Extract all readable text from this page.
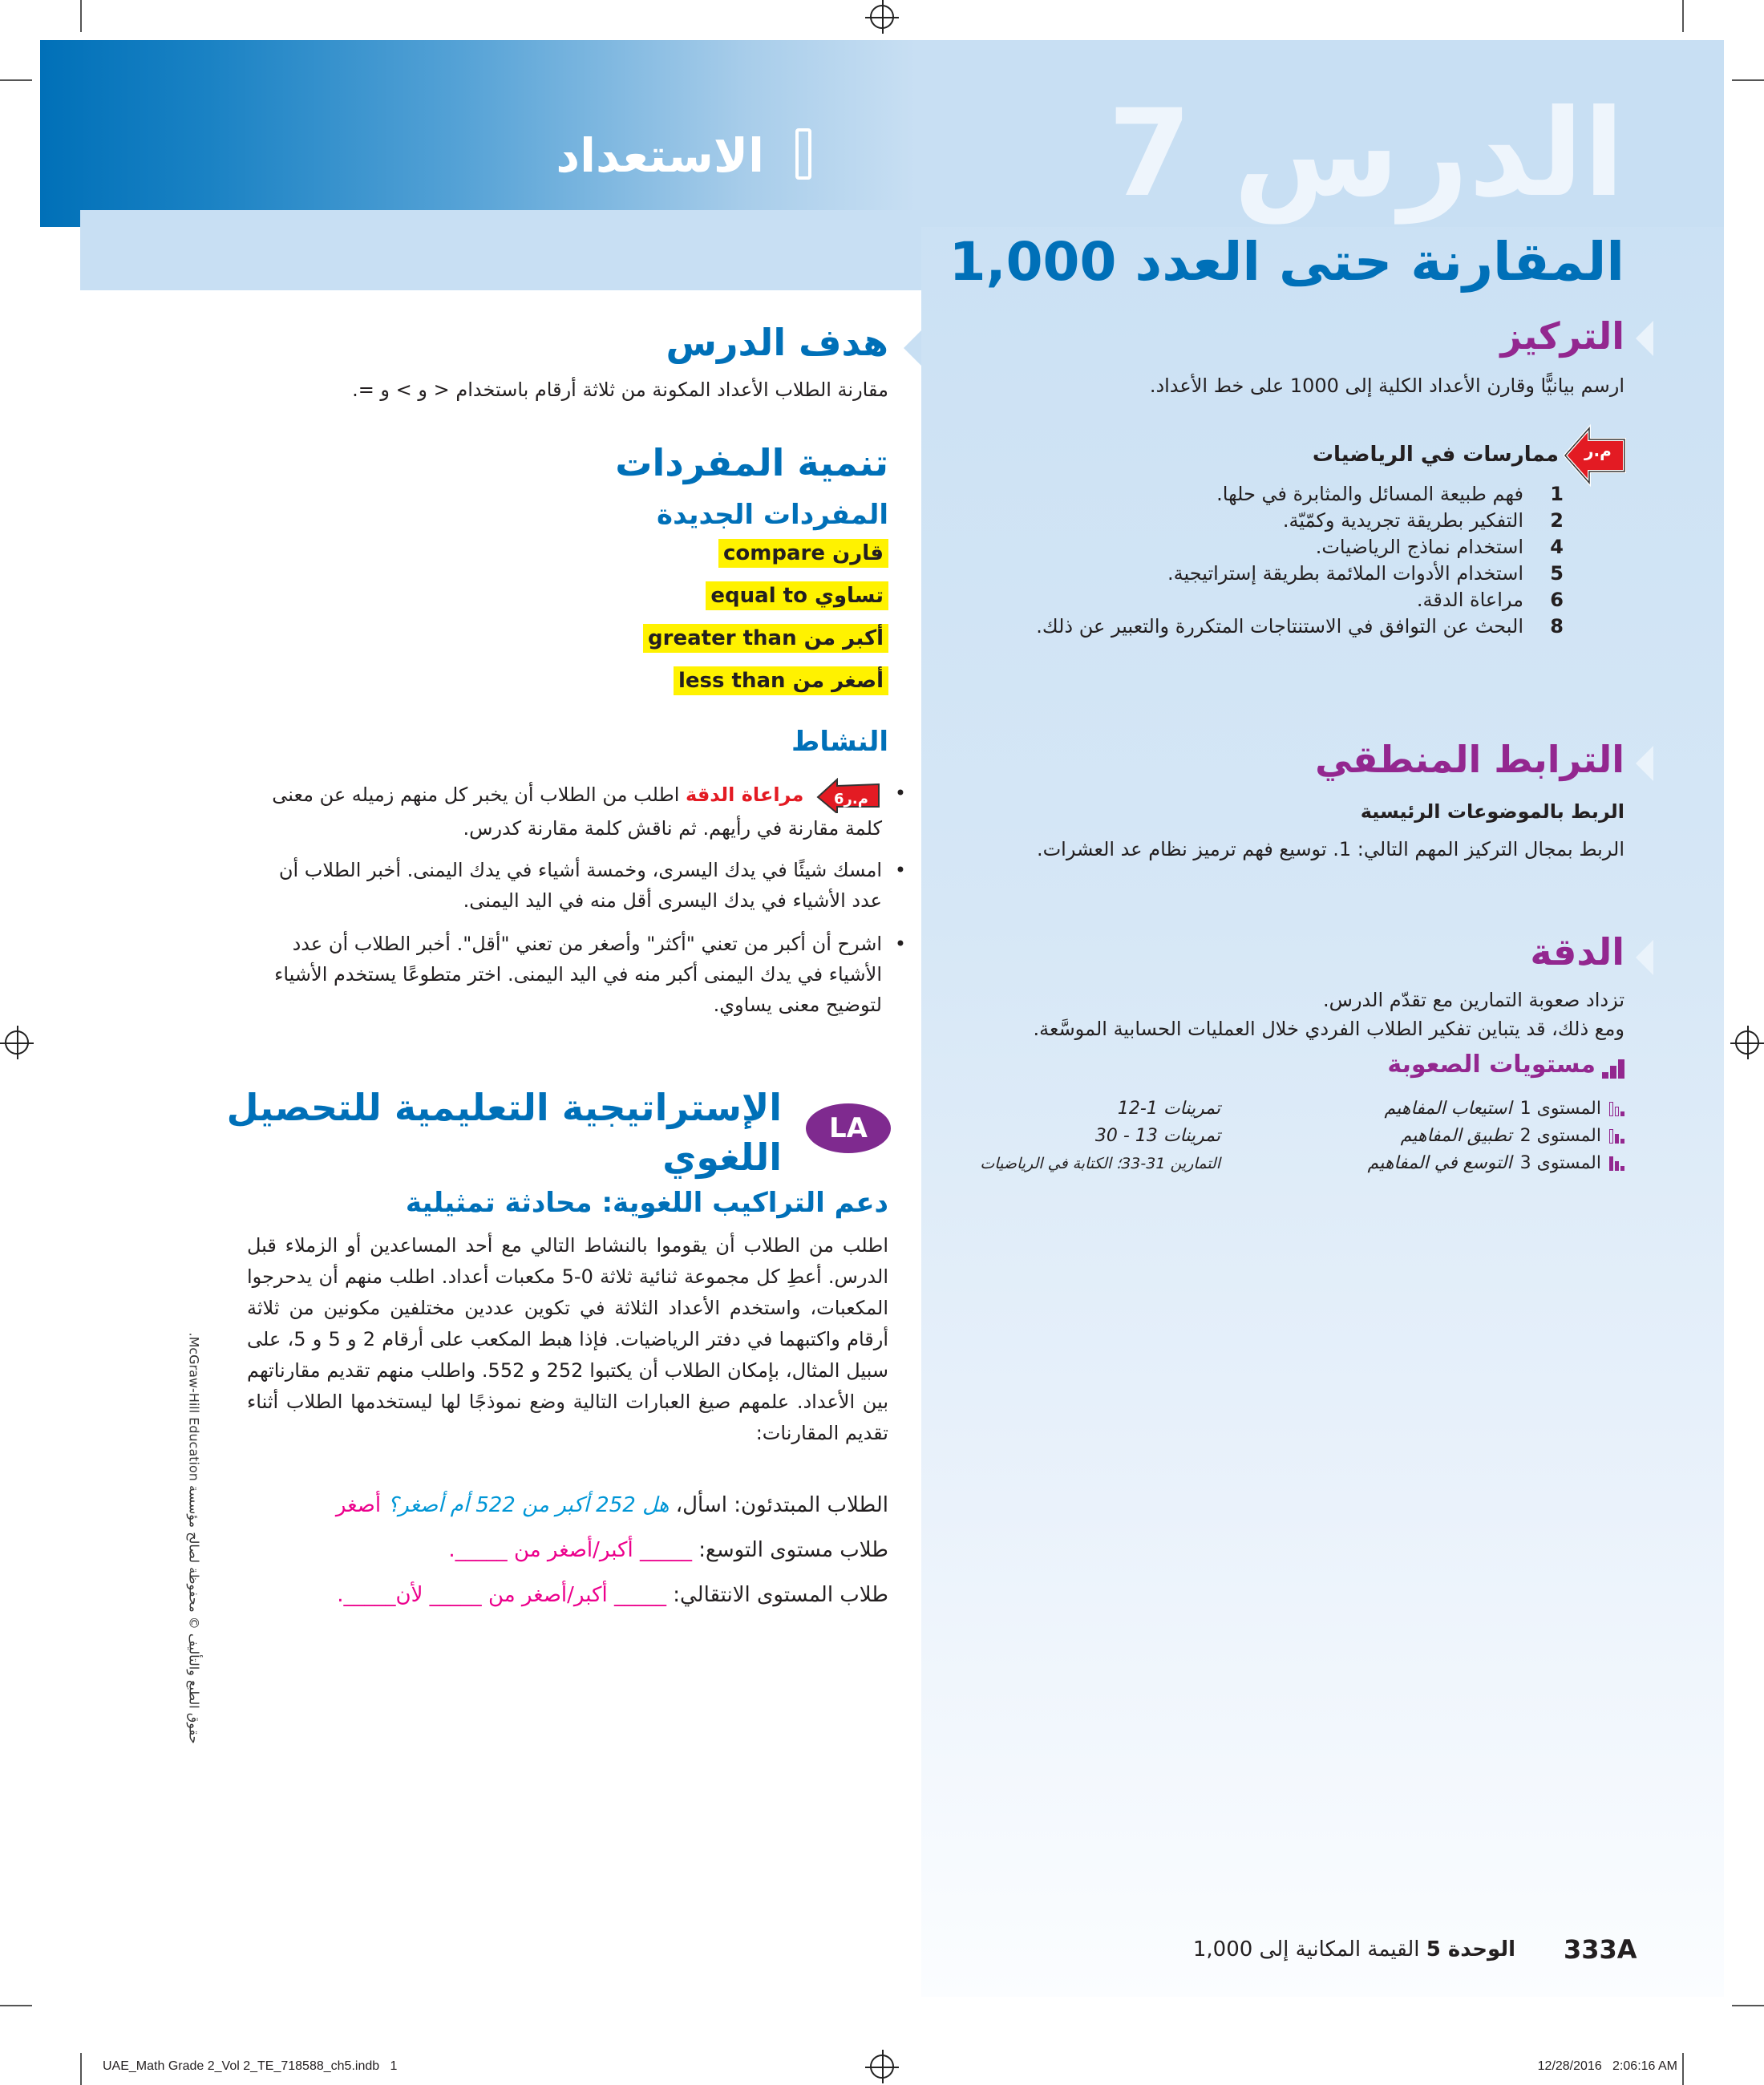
الاستعداد	الدرس 7
المقارنة حتى العدد 1,000
التركيز
ارسم بيانيًّا وقارن الأعداد الكلية إلى 1000 على خط الأعداد.
م.ر
ممارسات في الرياضيات
1فهم طبيعة المسائل والمثابرة في حلها.
2التفكير بطريقة تجريدية وكمّيّة.
4استخدام نماذج الرياضيات.
5استخدام الأدوات الملائمة بطريقة إستراتيجية.
6مراعاة الدقة.
8البحث عن التوافق في الاستنتاجات المتكررة والتعبير عن ذلك.
الترابط المنطقي
الربط بالموضوعات الرئيسية
الربط بمجال التركيز المهم التالي: 1. توسيع فهم ترميز نظام عد العشرات.
الدقة
تزداد صعوبة التمارين مع تقدّم الدرس.
ومع ذلك، قد يتباين تفكير الطلاب الفردي خلال العمليات الحسابية الموسَّعة.
مستويات الصعوبة
المستوى 1
استيعاب المفاهيم
تمرينات 1-12
المستوى 2
تطبيق المفاهيم
تمرينات 13 - 30
المستوى 3
التوسع في المفاهيم
التمارين 31-33؛ الكتابة في الرياضيات
هدف الدرس
مقارنة الطلاب الأعداد المكونة من ثلاثة أرقام باستخدام < و > و =.
تنمية المفردات
المفردات الجديدة
قارن compare
تساوي equal to
أكبر من greater than
أصغر من less than
النشاط
• م.ر6
مراعاة الدقة اطلب من الطلاب أن يخبر كل منهم زميله عن معنى كلمة مقارنة في رأيهم. ثم ناقش كلمة مقارنة كدرس.
• امسك شيئًا في يدك اليسرى، وخمسة أشياء في يدك اليمنى. أخبر الطلاب أن عدد الأشياء في يدك اليسرى أقل منه في اليد اليمنى.
• اشرح أن أكبر من تعني "أكثر" وأصغر من تعني "أقل". أخبر الطلاب أن عدد الأشياء في يدك اليمنى أكبر منه في اليد اليمنى. اختر متطوعًا يستخدم الأشياء لتوضيح معنى يساوي.
LA
الإستراتيجية التعليمية للتحصيل
اللغوي
دعم التراكيب اللغوية: محادثة تمثيلية
اطلب من الطلاب أن يقوموا بالنشاط التالي مع أحد المساعدين أو الزملاء قبل الدرس. أعطِ كل مجموعة ثنائية ثلاثة 0-5 مكعبات أعداد. اطلب منهم أن يدحرجوا المكعبات، واستخدم الأعداد الثلاثة في تكوين عددين مختلفين مكونين من ثلاثة أرقام واكتبهما في دفتر الرياضيات. فإذا هبط المكعب على أرقام 2 و 5 و 5، على سبيل المثال، بإمكان الطلاب أن يكتبوا 252 و 552. واطلب منهم تقديم مقارناتهم بين الأعداد. علمهم صيغ العبارات التالية وضع نموذجًا لها ليستخدمها الطلاب أثناء تقديم المقارنات:
الطلاب المبتدئون: اسأل، هل 252 أكبر من 522 أم أصغر؟ أصغر
طلاب مستوى التوسع: _____ أكبر/أصغر من _____.
طلاب المستوى الانتقالي: _____ أكبر/أصغر من _____ لأن_____.
حقوق الطبع والتأليف © محفوظة لصالح مؤسسة McGraw-Hill Education.
333A
الوحدة 5 القيمة المكانية إلى 1,000
UAE_Math Grade 2_Vol 2_TE_718588_ch5.indb   1	12/28/2016   2:06:16 AM
